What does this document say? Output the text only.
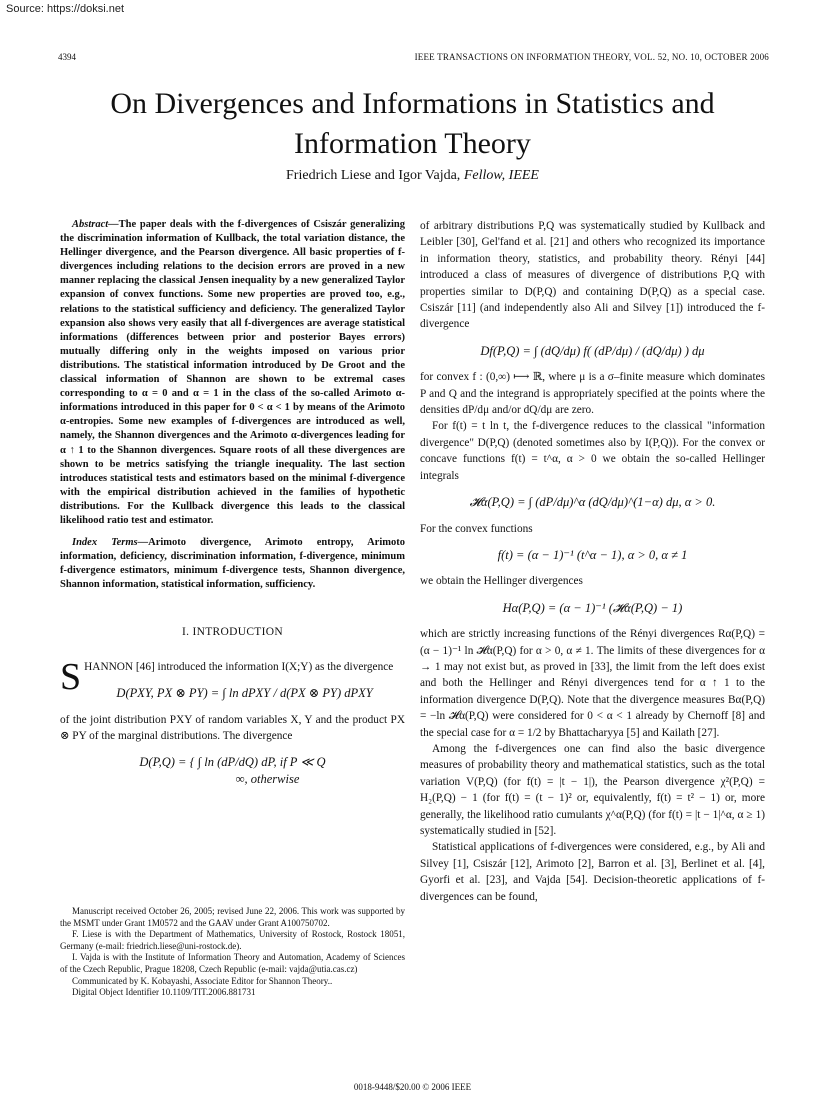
Source: https://doksi.net
4394	IEEE TRANSACTIONS ON INFORMATION THEORY, VOL. 52, NO. 10, OCTOBER 2006
On Divergences and Informations in Statistics and Information Theory
Friedrich Liese and Igor Vajda, Fellow, IEEE

Abstract—The paper deals with the f-divergences of Csiszár generalizing the discrimination information of Kullback, the total variation distance, the Hellinger divergence, and the Pearson divergence. All basic properties of f-divergences including relations to the decision errors are proved in a new manner replacing the classical Jensen inequality by a new generalized Taylor expansion of convex functions. Some new properties are proved too, e.g., relations to the statistical sufficiency and deficiency. The generalized Taylor expansion also shows very easily that all f-divergences are average statistical informations (differences between prior and posterior Bayes errors) mutually differing only in the weights imposed on various prior distributions. The statistical information introduced by De Groot and the classical information of Shannon are shown to be extremal cases corresponding to α = 0 and α = 1 in the class of the so-called Arimoto α-informations introduced in this paper for 0 < α < 1 by means of the Arimoto α-entropies. Some new examples of f-divergences are introduced as well, namely, the Shannon divergences and the Arimoto α-divergences leading for α ↑ 1 to the Shannon divergences. Square roots of all these divergences are shown to be metrics satisfying the triangle inequality. The last section introduces statistical tests and estimators based on the minimal f-divergence with the empirical distribution achieved in the families of hypothetic distributions. For the Kullback divergence this leads to the classical likelihood ratio test and estimator.

Index Terms—Arimoto divergence, Arimoto entropy, Arimoto information, deficiency, discrimination information, f-divergence, minimum f-divergence estimators, minimum f-divergence tests, Shannon divergence, Shannon information, statistical information, sufficiency.

I. INTRODUCTION

SHANNON [46] introduced the information I(X;Y) as the divergence

D(PXY, PX ⊗ PY) = ∫ ln dPXY / d(PX ⊗ PY) dPXY

of the joint distribution PXY of random variables X, Y and the product PX ⊗ PY of the marginal distributions. The divergence

D(P,Q) = { ∫ ln (dP/dQ) dP, if P ≪ Q
∞, otherwise

Manuscript received October 26, 2005; revised June 22, 2006. This work was supported by the MSMT under Grant 1M0572 and the GAAV under Grant A100750702.

F. Liese is with the Department of Mathematics, University of Rostock, Rostock 18051, Germany (e-mail: friedrich.liese@uni-rostock.de).

I. Vajda is with the Institute of Information Theory and Automation, Academy of Sciences of the Czech Republic, Prague 18208, Czech Republic (e-mail: vajda@utia.cas.cz)

Communicated by K. Kobayashi, Associate Editor for Shannon Theory..

Digital Object Identifier 10.1109/TIT.2006.881731

of arbitrary distributions P,Q was systematically studied by Kullback and Leibler [30], Gel'fand et al. [21] and others who recognized its importance in information theory, statistics, and probability theory. Rényi [44] introduced a class of measures of divergence of distributions P,Q with properties similar to D(P,Q) and containing D(P,Q) as a special case. Csiszár [11] (and independently also Ali and Silvey [1]) introduced the f-divergence

Df(P,Q) = ∫ (dQ/dμ) f( (dP/dμ) / (dQ/dμ) ) dμ

for convex f : (0,∞) ⟼ ℝ, where μ is a σ–finite measure which dominates P and Q and the integrand is appropriately specified at the points where the densities dP/dμ and/or dQ/dμ are zero.

For f(t) = t ln t, the f-divergence reduces to the classical "information divergence" D(P,Q) (denoted sometimes also by I(P,Q)). For the convex or concave functions f(t) = t^α, α > 0 we obtain the so-called Hellinger integrals

𝓗α(P,Q) = ∫ (dP/dμ)^α (dQ/dμ)^(1−α) dμ, α > 0.

For the convex functions

f(t) = (α − 1)⁻¹ (t^α − 1), α > 0, α ≠ 1

we obtain the Hellinger divergences

Hα(P,Q) = (α − 1)⁻¹ (𝓗α(P,Q) − 1)

which are strictly increasing functions of the Rényi divergences Rα(P,Q) = (α − 1)⁻¹ ln 𝓗α(P,Q) for α > 0, α ≠ 1. The limits of these divergences for α → 1 may not exist but, as proved in [33], the limit from the left does exist and both the Hellinger and Rényi divergences tend for α ↑ 1 to the information divergence D(P,Q). Note that the divergence measures Bα(P,Q) = −ln 𝓗α(P,Q) were considered for 0 < α < 1 already by Chernoff [8] and the special case for α = 1/2 by Bhattacharyya [5] and Kailath [27].

Among the f-divergences one can find also the basic divergence measures of probability theory and mathematical statistics, such as the total variation V(P,Q) (for f(t) = |t − 1|), the Pearson divergence χ²(P,Q) = H₂(P,Q) − 1 (for f(t) = (t − 1)² or, equivalently, f(t) = t² − 1) or, more generally, the likelihood ratio cumulants χ^α(P,Q) (for f(t) = |t − 1|^α, α ≥ 1) systematically studied in [52].

Statistical applications of f-divergences were considered, e.g., by Ali and Silvey [1], Csiszár [12], Arimoto [2], Barron et al. [3], Berlinet et al. [4], Gyorfi et al. [23], and Vajda [54]. Decision-theoretic applications of f-divergences can be found,

0018-9448/$20.00 © 2006 IEEE
